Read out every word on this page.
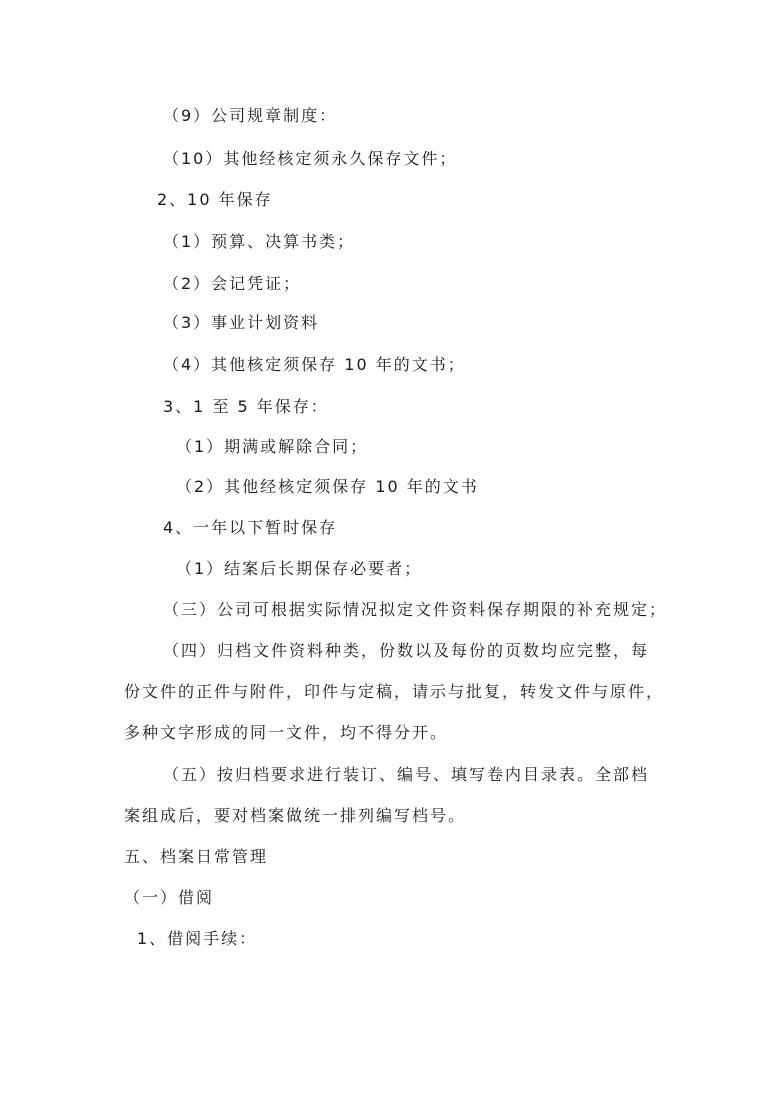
（9）公司规章制度：
（10）其他经核定须永久保存文件；
2、10 年保存
（1）预算、决算书类；
（2）会记凭证；
（3）事业计划资料
（4）其他核定须保存 10 年的文书；
3、1 至 5 年保存：
（1）期满或解除合同；
（2）其他经核定须保存 10 年的文书
4、一年以下暂时保存
（1）结案后长期保存必要者；
（三）公司可根据实际情况拟定文件资料保存期限的补充规定；
（四）归档文件资料种类，份数以及每份的页数均应完整，每
份文件的正件与附件，印件与定稿，请示与批复，转发文件与原件，
多种文字形成的同一文件，均不得分开。
（五）按归档要求进行装订、编号、填写卷内目录表。全部档
案组成后，要对档案做统一排列编写档号。
五、档案日常管理
（一）借阅
1、借阅手续：
